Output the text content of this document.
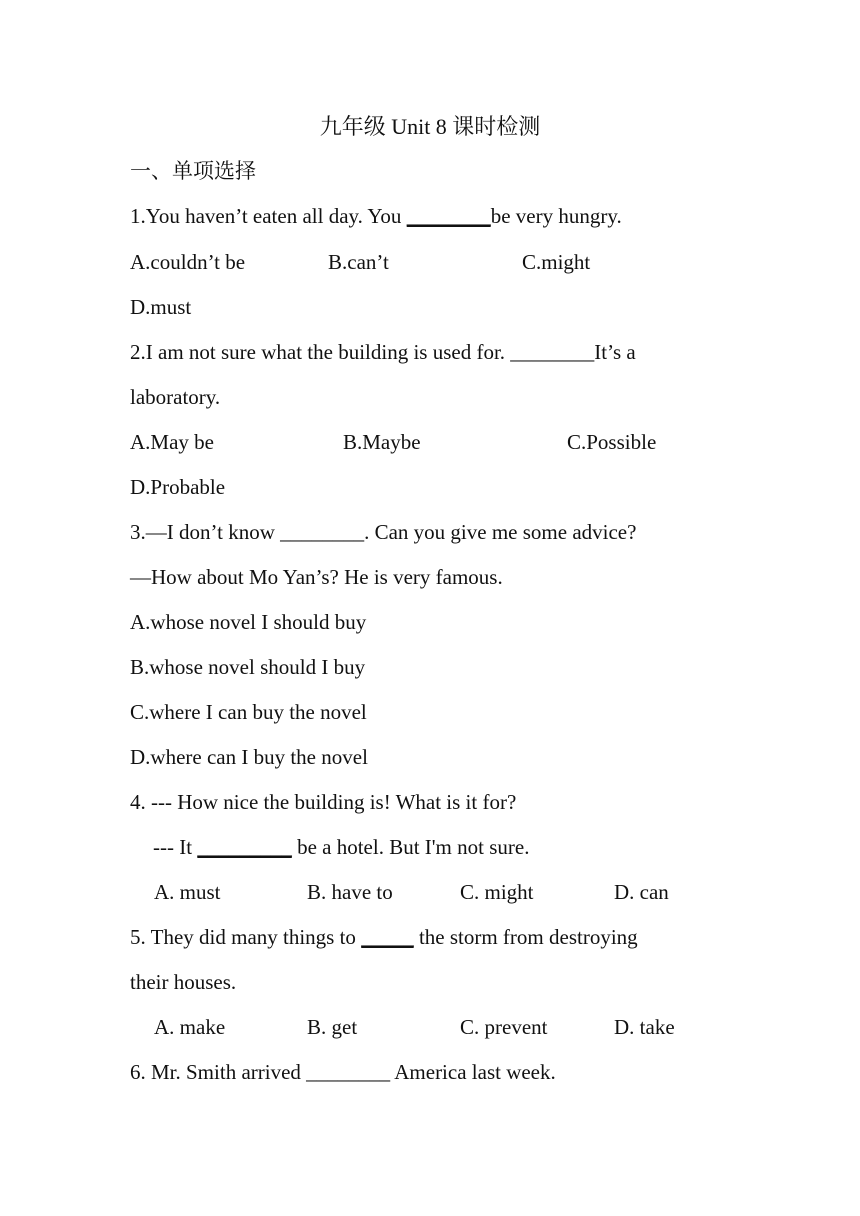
九年级 Unit 8 课时检测
一、单项选择
1.You haven’t eaten all day. You ________be very hungry.
A.couldn’t be	B.can’t	C.might
D.must
2.I am not sure what the building is used for. ________It’s a
laboratory.
A.May be	B.Maybe	C.Possible
D.Probable
3.—I don’t know ________. Can you give me some advice?
—How about Mo Yan’s? He is very famous.
A.whose novel I should buy
B.whose novel should I buy
C.where I can buy the novel
D.where can I buy the novel
4. --- How nice the building is! What is it for?
--- It _________ be a hotel. But I'm not sure.
A. must	B. have to	C. might	D. can
5. They did many things to _____ the storm from destroying
their houses.
A. make	B. get	C. prevent	D. take
6. Mr. Smith arrived ________ America last week.
